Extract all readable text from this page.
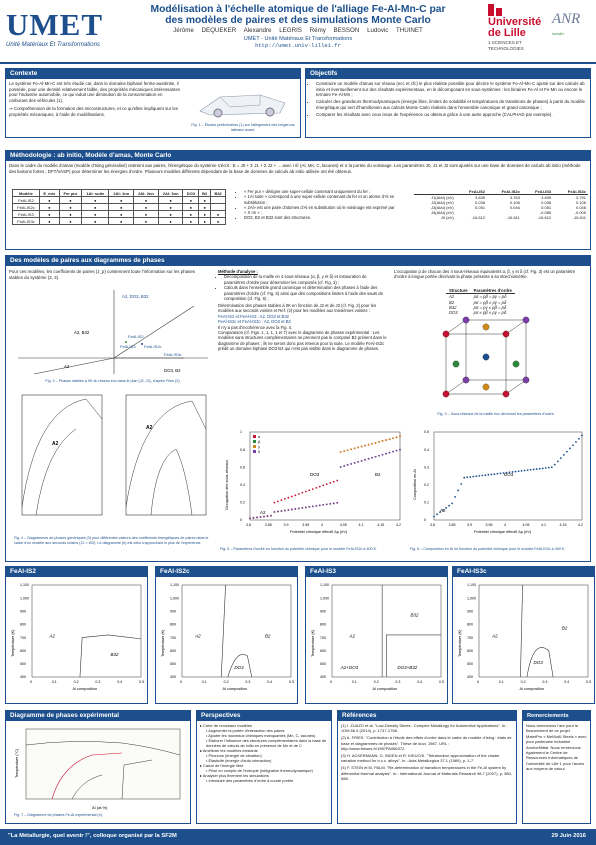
UMET
Unité Matériaux Et Transformations
Modélisation à l'échelle atomique de l'alliage Fe-Al-Mn-C par
des modèles de paires et des simulations Monte Carlo
Jérôme DEQUEKER Alexandre LEGRIS Rémy BESSON Ludovic THUINET
UMET - Unité Matériaux Et Transformations
http://umet.univ-lille1.fr
Université de Lille
1 SCIENCES ET TECHNOLOGIES
ANR
metafer
Contexte

Le système Fe-Al-Mn-C est très étudié car, dans le domaine biphasé ferrite-austénite, il possède, pour une densité relativement faible, des propriétés mécaniques intéressantes pour l'industrie automobile, ce qui induit une diminution de la consommation en carburant des véhicules (1).

⇒ Compréhension de la formation des microstructures, et ce qu'elles impliquent sur les propriétés mécaniques, à l'aide de modélisations.

Fig. 1 – Études préliminaires (1) sur l'allègement des longerons latéraux avant.
Objectifs
• Construire un modèle d'amas sur réseau (ecc et cfc) le plus réaliste possible pour décrire le système Fe-Al-Mn-C ajusté sur des calculs ab initio et éventuellement sur des résultats expérimentaux, en le décomposant en sous-systèmes : les binaires Fe-Al et Fe-Mn ou encore le ternaire Fe-Al-Mn ;
• Calculer des grandeurs thermodynamiques (énergie libre, limites de solubilité et températures de transitions de phases) à partir du modèle énergétique qui sert d'hamiltonien aux calculs Monte Carlo réalisés dans l'ensemble canonique et grand canonique ;
• Comparer les résultats avec ceux issus de l'expérience ou obtenus grâce à une autre approche (CALPHAD par exemple).
Méthodologie : ab initio, Modèle d'amas, Monte Carlo
Dans le cadre du modèle d'amas (modèle d'Ising généralisé) restreint aux paires, l'énergétique du système s'écrit : E = J0 + Σ J1 + Σ J2 + ... avec i ∈ {Al, Mn, C, lacunes} et σ la portée du voisinage. Les paramètres J0, J1 et J2 sont ajustés sur une base de données de calculs ab initio (méthode des liaisons fortes ; DFT/VASP) pour déterminer les énergies d'ordre. Plusieurs modèles différents dépendant de la base de données de calculs ab initio utilisée ont été obtenus.
Modèle	E_mix	Fer pur	1Al: suite	2Al: 1nn	2Al: 2nn	2Al: 3nn	DO3	B2	B32
FeAl-IS2	●	●	●	●	●	●	●	●	
FeAl-IS2c	●	●	●	●	●	●	●	●	
FeAl-IS3	●	●	●	●	●	●	●	●	●
FeAl-IS3c	●	●	●	●	●	●	●	●	●
• « Fer pur » désigne une super-cellule contenant uniquement du fer ;
• « 1Al suite » correspond à une super-cellule contenant du fer et un atome d'Al en substitution ;
• « 2Al» est une paire d'atomes d'Al en substitution où le voisinage est exprimé par « X nn » ;
• DO3, B2 et B32 sont des structures.
	FeAl-IS2	FeAl-IS2c	FeAl-IS3	FeAl-IS3c
J1(AlAl) (eV)	3.839	3.763	3.839	3.791
J2(AlAl) (eV)	0.036	0.106	0.036	0.106
J3(AlAl) (eV)	0.051	0.046	0.051	0.046
J4(AlAl) (eV)			-0.085	-0.005
J0 (eV)	-16.612	-16.611	-16.612	-16.611
Des modèles de paires aux diagrammes de phases
Pour ces modèles, les coefficients de paires (J_p) contiennent toute l'information sur les phases stables du système (2, 3).
A2, DO3, B32
A2, B32
A2
FeAl-IS2
FeAl-IS3 FeAl-IS2c
FeAl-IS3c
DO3, B2
Fig. 2 – Phases stables à 0K du réseau ecc dans le plan (J2, J3), d'après Fries (2).
A2
A2
Fig. 4 – Diagrammes de phases génériques (3) pour différentes valeurs des coefficients énergétiques de paires dans le cadre d'un modèle aux seconds voisins (J2 = W2). Le diagramme (b) est celui s'approchant le plus de l'expérience.
Méthode d'analyse :
• Décomposition de la maille en 4 sous-réseaux (α, β, γ et δ) et instauration de paramètres d'ordre pour déterminer les composés (cf. Fig. 3) ;
• Calculs dans l'ensemble grand canonique et détermination des phases à l'aide des paramètres d'ordre (cf. Fig. 5) ainsi que des compositions limites à l'aide des sauts de composition (cf. Fig. 6) ;
Détermination des phases stables à 0K en fonction de J2 et de J3 (cf. Fig. 2) pour les modèles aux seconds voisins et Ref. (2) pour les modèles aux troisièmes voisins :
FeAl-IS2 et FeAl-IS3 : A2, DO3 et B32
FeAl-IS2c et FeAl-IS3c : A2, DO3 et B2
Il n'y a pas d'incohérence avec la Fig. 4.
Comparaison (cf. Figs. 1, 1, 1, 1 et 7) avec le diagramme de phases expérimental : Les modèles sans structures complémentaires ne prennent pas le composé B2 présent dans le diagramme de phases ; ils ne seront donc pas retenus pour la suite. Le modèle FeAl-IS2c prédit un domaine biphasé DO3 B2 qui n'est pas visible dans le diagramme de phases.
L'occupation p de chacun des 4 sous-réseaux équivalents α, β, γ et δ (cf. Fig. 3) est un paramètre d'ordre à longue portée décrivant la phase présente à sa stœchiométrie.
Structure	Paramètres d'ordre
A2	pα = pβ = pγ = pδ
B2	pα = pβ ≠ pγ = pδ
B32	pα = pγ ≠ pβ = pδ
DO3	pα ≠ pβ ≠ pγ = pδ
Fig. 3 – Sous-réseaux de la maille ecc décrivant les paramètres d'ordre.
3.8	3.85	3.9	3.95	4	4.05	4.1	4.15	4.2
0
0.2
0.4
0.6
0.8
1
Potentiel chimique effectif Δμ (eV)
Occupation des sous-réseaux
α
β
γ
δ
A2
DO3	B2
Fig. 5 – Paramètres d'ordre en fonction du potentiel chimique pour le modèle FeAl-IS2c à 400 K.
3.8	3.85	3.9	3.95	4	4.05	4.1	4.15	4.2
0
0.1
0.2
0.3
0.4
0.5
Potentiel chimique effectif Δμ (eV)
Composition en Al
A2
DO3
Fig. 6 – Composition en Al en fonction du potentiel chimique pour le modèle FeAl-IS2c à 400 K.
FeAl-IS2
400
500
600
700
800
900
1,000
1,100
0	0.1	0.2	0.3	0.4	0.5
Al composition
Température (K)	A2
B32
FeAl-IS2c
400
500
600
700
800
900
1,000
1,100
0	0.1	0.2	0.3	0.4	0.5
Al composition
Température (K)	A2	B2
DO3
FeAl-IS3
400
500
600
700
800
900
1,000
1,100
0	0.1	0.2	0.3	0.4	0.5
Al composition
Température (K)	A2
B32
A2+DO3	DO3+B32
FeAl-IS3c
400
500
600
700
800
900
1,000
1,100
0	0.1	0.2	0.3	0.4	0.5
Al composition
Température (K)	A2
B2
DO3
Diagramme de phases expérimental
Température (°C)
Al (at.%)
Fig. 7 – Diagramme de phases Fe-Al expérimental (4).
Perspectives
▸ Créer de nouveaux modèles
• Augmenter la portée d'interaction des paires
• Ajouter les nouveaux chimiques manquantes (Mn, C, lacunes)
• Élaborer l'influence des structures complémentaires dans la base de données de calculs ab initio en présence de Mn et de C
▸ Améliorer les modèles existants
• Phonons (énergie de vibration)
• Élasticité (énergie d'auto-interaction)
▸ Calcul de l'énergie libre
• Prise en compte de l'entropie (intégration thermodynamique)
▸ Analyser plus finement les simulations
• Introduire des paramètres d'ordre à courte portée
Références
(1) I. ZUAZO et al. "Low-Density Steels : Complex Metallurgy for Automotive Applications". In : JOM 66.9 (2014), p. 1747-1758.
(2) A. FRIES. "Contribution à l'étude des effets d'ordre dans le cadre du modèle d'Ising : états de base et diagrammes de phases". Thèse de doct. 1987. URL : http://www.theses.fr/1987PA066372.
(3) H. ACKERMANN, G. INDEN et R. KIKUCHI. "Tetrahedron approximation of the cluster variation method for b.c.c. alloys". In : Acta Metallurgica 37.1 (1989), p. 1-7.
(4) F. STEIN et M. PALM. "Re-determination of transition temperatures in the Fe-Al system by differential thermal analysis". In : International Journal of Materials Research 98.7 (2007), p. 580-588.
Remerciements
Nous remercions l'anr pour le financement de ce projet MatetPro « MeMoAl Steels » avec pour partenaire industriel ArcelorMittal. Nous remercions également le Centre de Ressources Informatiques de l'université de Lille 1 pour l'accès aux moyens de calcul.
"La Métallurgie, quel avenir !", colloque organisé par la SF2M	29 Juin 2016
